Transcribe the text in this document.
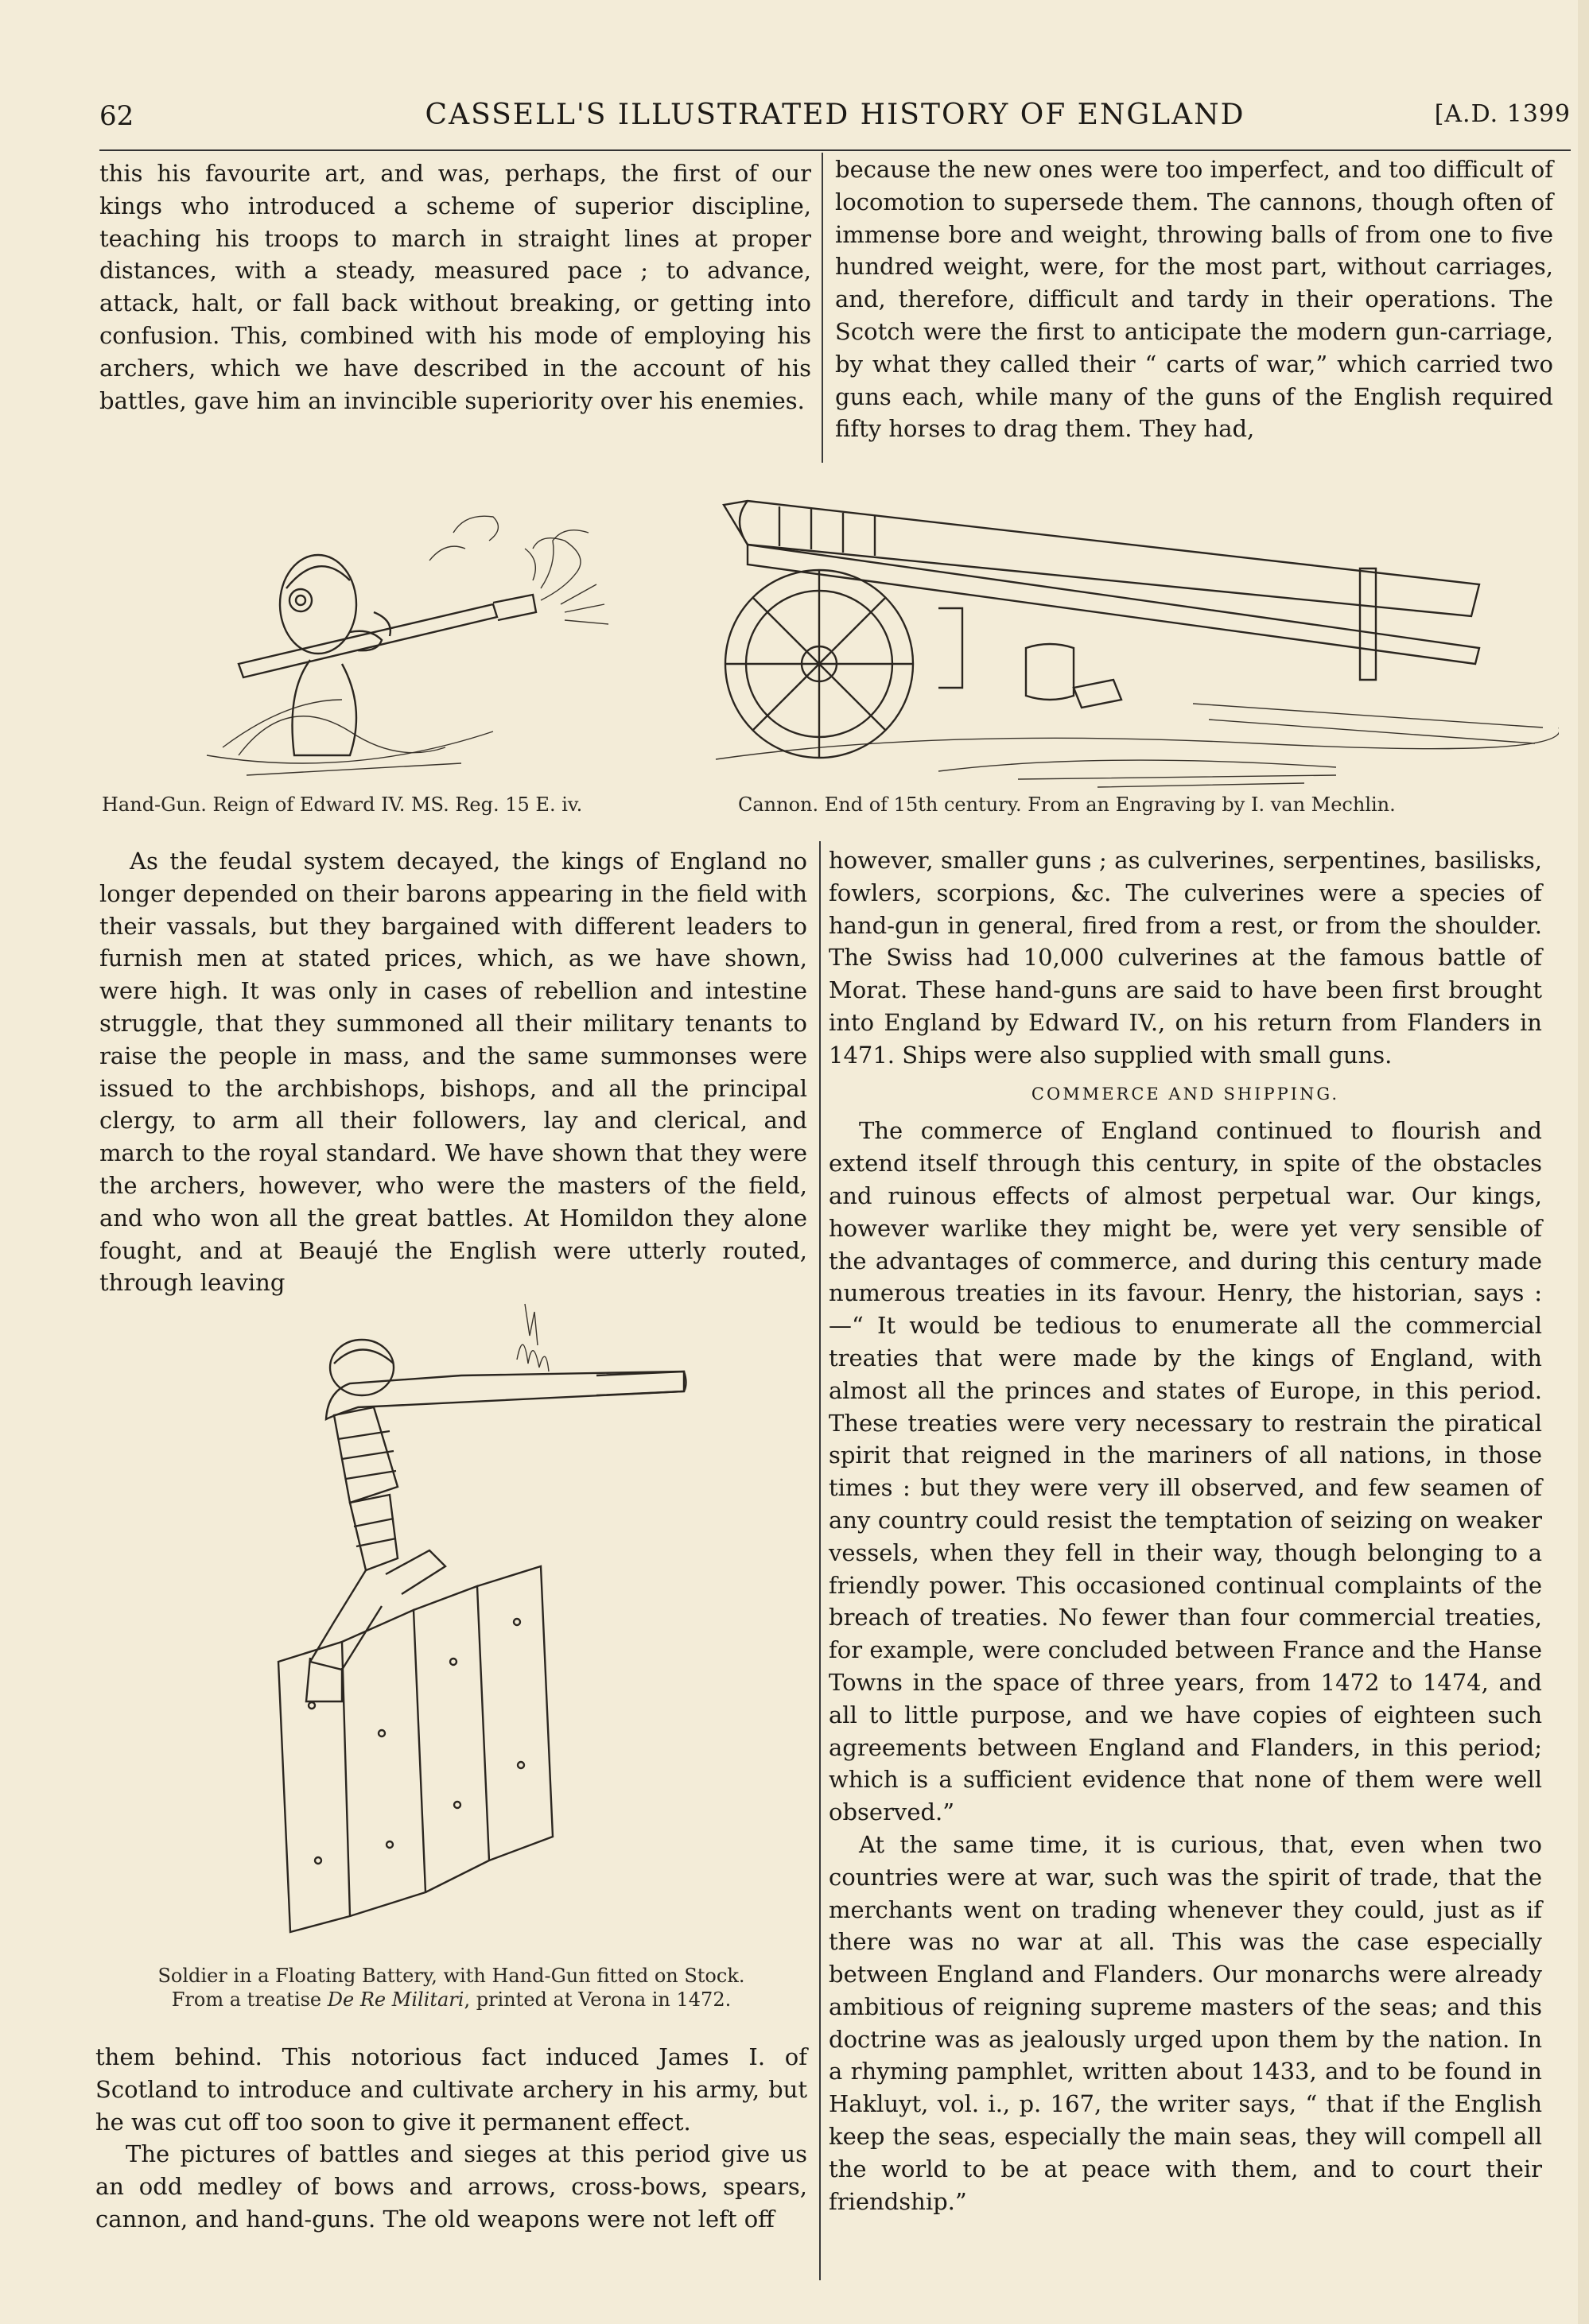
62	CASSELL'S ILLUSTRATED HISTORY OF ENGLAND	[A.D. 1399

this his favourite art, and was, perhaps, the first of our kings who introduced a scheme of superior discipline, teaching his troops to march in straight lines at proper distances, with a steady, measured pace ; to advance, attack, halt, or fall back without breaking, or getting into confusion. This, combined with his mode of employing his archers, which we have described in the account of his battles, gave him an invincible superiority over his enemies.

because the new ones were too imperfect, and too difficult of locomotion to supersede them. The cannons, though often of immense bore and weight, throwing balls of from one to five hundred weight, were, for the most part, without carriages, and, therefore, difficult and tardy in their operations. The Scotch were the first to anticipate the modern gun-carriage, by what they called their “ carts of war,” which carried two guns each, while many of the guns of the English required fifty horses to drag them. They had,

Hand-Gun. Reign of Edward IV. MS. Reg. 15 E. iv.	Cannon. End of 15th century. From an Engraving by I. van Mechlin.

As the feudal system decayed, the kings of England no longer depended on their barons appearing in the field with their vassals, but they bargained with different leaders to furnish men at stated prices, which, as we have shown, were high. It was only in cases of rebellion and intestine struggle, that they summoned all their military tenants to raise the people in mass, and the same summonses were issued to the archbishops, bishops, and all the principal clergy, to arm all their followers, lay and clerical, and march to the royal standard. We have shown that they were the archers, however, who were the masters of the field, and who won all the great battles. At Homildon they alone fought, and at Beaujé the English were utterly routed, through leaving

Soldier in a Floating Battery, with Hand-Gun fitted on Stock.
From a treatise De Re Militari, printed at Verona in 1472.

them behind. This notorious fact induced James I. of Scotland to introduce and cultivate archery in his army, but he was cut off too soon to give it permanent effect.

The pictures of battles and sieges at this period give us an odd medley of bows and arrows, cross-bows, spears, cannon, and hand-guns. The old weapons were not left off

however, smaller guns ; as culverines, serpentines, basilisks, fowlers, scorpions, &c. The culverines were a species of hand-gun in general, fired from a rest, or from the shoulder. The Swiss had 10,000 culverines at the famous battle of Morat. These hand-guns are said to have been first brought into England by Edward IV., on his return from Flanders in 1471. Ships were also supplied with small guns.

COMMERCE AND SHIPPING.

The commerce of England continued to flourish and extend itself through this century, in spite of the obstacles and ruinous effects of almost perpetual war. Our kings, however warlike they might be, were yet very sensible of the advantages of commerce, and during this century made numerous treaties in its favour. Henry, the historian, says : —“ It would be tedious to enumerate all the commercial treaties that were made by the kings of England, with almost all the princes and states of Europe, in this period. These treaties were very necessary to restrain the piratical spirit that reigned in the mariners of all nations, in those times : but they were very ill observed, and few seamen of any country could resist the temptation of seizing on weaker vessels, when they fell in their way, though belonging to a friendly power. This occasioned continual complaints of the breach of treaties. No fewer than four commercial treaties, for example, were concluded between France and the Hanse Towns in the space of three years, from 1472 to 1474, and all to little purpose, and we have copies of eighteen such agreements between England and Flanders, in this period; which is a sufficient evidence that none of them were well observed.”

At the same time, it is curious, that, even when two countries were at war, such was the spirit of trade, that the merchants went on trading whenever they could, just as if there was no war at all. This was the case especially between England and Flanders. Our monarchs were already ambitious of reigning supreme masters of the seas; and this doctrine was as jealously urged upon them by the nation. In a rhyming pamphlet, written about 1433, and to be found in Hakluyt, vol. i., p. 167, the writer says, “ that if the English keep the seas, especially the main seas, they will compell all the world to be at peace with them, and to court their friendship.”
